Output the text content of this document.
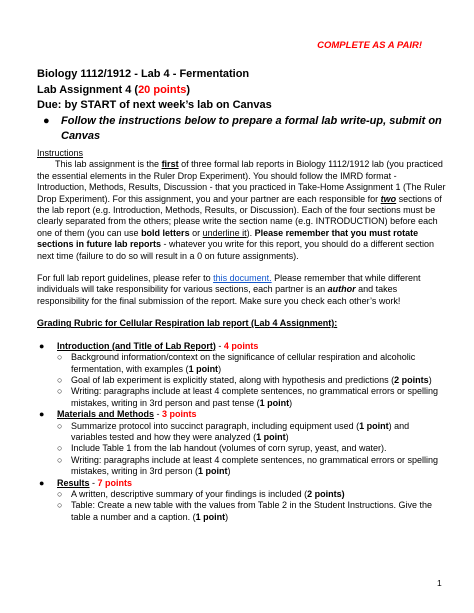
COMPLETE AS A PAIR!
Biology 1112/1912 - Lab 4 - Fermentation
Lab Assignment 4 (20 points)
Due: by START of next week’s lab on Canvas
●	Follow the instructions below to prepare a formal lab write-up, submit on Canvas

Instructions

This lab assignment is the first of three formal lab reports in Biology 1112/1912 lab (you practiced the essential elements in the Ruler Drop Experiment). You should follow the IMRD format - Introduction, Methods, Results, Discussion - that you practiced in Take-Home Assignment 1 (The Ruler Drop Experiment). For this assignment, you and your partner are each responsible for two sections of the lab report (e.g. Introduction, Methods, Results, or Discussion). Each of the four sections must be clearly separated from the others; please write the section name (e.g. INTRODUCTION) before each one of them (you can use bold letters or underline it). Please remember that you must rotate sections in future lab reports - whatever you write for this report, you should do a different section next time (failure to do so will result in a 0 on future assignments).

For full lab report guidelines, please refer to this document. Please remember that while different individuals will take responsibility for various sections, each partner is an author and takes responsibility for the final submission of the report. Make sure you check each other’s work!

Grading Rubric for Cellular Respiration lab report (Lab 4 Assignment):

●	Introduction (and Title of Lab Report) - 4 points
○ Background information/context on the significance of cellular respiration and alcoholic fermentation, with examples (1 point)
○ Goal of lab experiment is explicitly stated, along with hypothesis and predictions (2 points)
○ Writing: paragraphs include at least 4 complete sentences, no grammatical errors or spelling mistakes, writing in 3rd person and past tense (1 point)
●	Materials and Methods - 3 points
○ Summarize protocol into succinct paragraph, including equipment used (1 point) and variables tested and how they were analyzed (1 point)
○ Include Table 1 from the lab handout (volumes of corn syrup, yeast, and water).
○ Writing: paragraphs include at least 4 complete sentences, no grammatical errors or spelling mistakes, writing in 3rd person (1 point)
●	Results - 7 points
○ A written, descriptive summary of your findings is included (2 points)
○ Table: Create a new table with the values from Table 2 in the Student Instructions. Give the table a number and a caption. (1 point)
1
